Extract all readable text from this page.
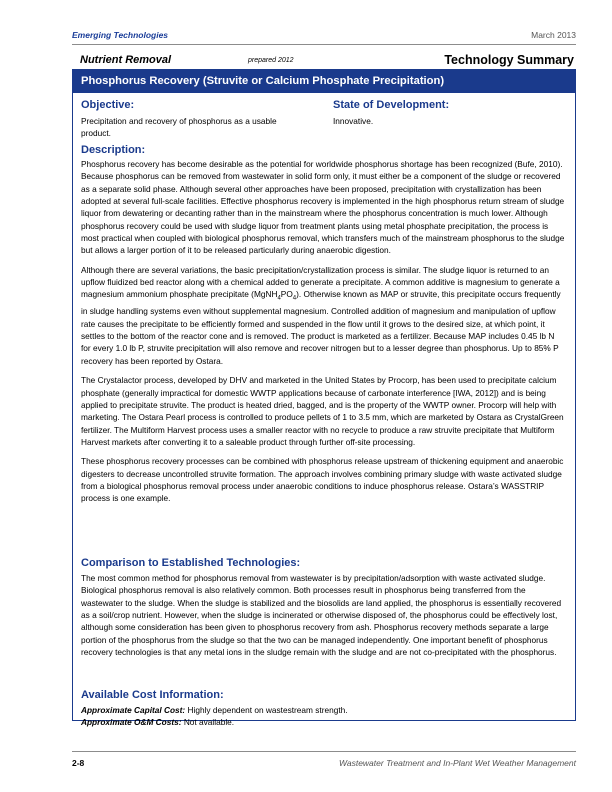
Emerging Technologies	March 2013
Nutrient Removal	prepared 2012	Technology Summary
Phosphorus Recovery (Struvite or Calcium Phosphate Precipitation)
Objective:
Precipitation and recovery of phosphorus as a usable product.
State of Development:
Innovative.
Description:

Phosphorus recovery has become desirable as the potential for worldwide phosphorus shortage has been recognized (Bufe, 2010). Because phosphorus can be removed from wastewater in solid form only, it must either be a component of the sludge or recovered as a separate solid phase. Although several other approaches have been proposed, precipitation with crystallization has been adopted at several full-scale facilities. Effective phosphorus recovery is implemented in the high phosphorus return stream of sludge liquor from dewatering or decanting rather than in the mainstream where the phosphorus concentration is much lower. Although phosphorus recovery could be used with sludge liquor from treatment plants using metal phosphate precipitation, the process is most practical when coupled with biological phosphorus removal, which transfers much of the mainstream phosphorus to the sludge but allows a larger portion of it to be released particularly during anaerobic digestion.

Although there are several variations, the basic precipitation/crystallization process is similar. The sludge liquor is returned to an upflow fluidized bed reactor along with a chemical added to generate a precipitate. A common additive is magnesium to generate a magnesium ammonium phosphate precipitate $(MgNH_4PO_4)$. Otherwise known as MAP or struvite, this precipitate occurs frequently in sludge handling systems even without supplemental magnesium. Controlled addition of magnesium and manipulation of upflow rate causes the precipitate to be efficiently formed and suspended in the flow until it grows to the desired size, at which point, it settles to the bottom of the reactor cone and is removed. The product is marketed as a fertilizer. Because MAP includes 0.45 lb N for every 1.0 lb P, struvite precipitation will also remove and recover nitrogen but to a lesser degree than phosphorus. Up to 85% P recovery has been reported by Ostara.

The Crystalactor process, developed by DHV and marketed in the United States by Procorp, has been used to precipitate calcium phosphate (generally impractical for domestic WWTP applications because of carbonate interference [IWA, 2012]) and is being applied to precipitate struvite. The product is heated dried, bagged, and is the property of the WWTP owner. Procorp will help with marketing. The Ostara Pearl process is controlled to produce pellets of 1 to 3.5 mm, which are marketed by Ostara as CrystalGreen fertilizer. The Multiform Harvest process uses a smaller reactor with no recycle to produce a raw struvite precipitate that Multiform Harvest markets after converting it to a saleable product through further off-site processing.

These phosphorus recovery processes can be combined with phosphorus release upstream of thickening equipment and anaerobic digesters to decrease uncontrolled struvite formation. The approach involves combining primary sludge with waste activated sludge from a biological phosphorus removal process under anaerobic conditions to induce phosphorus release. Ostara’s WASSTRIP process is one example.

Comparison to Established Technologies:
The most common method for phosphorus removal from wastewater is by precipitation/adsorption with waste activated sludge. Biological phosphorus removal is also relatively common. Both processes result in phosphorus being transferred from the wastewater to the sludge. When the sludge is stabilized and the biosolids are land applied, the phosphorus is essentially recovered as a soil/crop nutrient. However, when the sludge is incinerated or otherwise disposed of, the phosphorus could be effectively lost, although some consideration has been given to phosphorus recovery from ash. Phosphorus recovery methods separate a large portion of the phosphorus from the sludge so that the two can be managed independently. One important benefit of phosphorus recovery technologies is that any metal ions in the sludge remain with the sludge and are not co-precipitated with the phosphorus.
Available Cost Information:
Approximate Capital Cost: Highly dependent on wastestream strength.
Approximate O&M Costs: Not available.
2-8	Wastewater Treatment and In-Plant Wet Weather Management
